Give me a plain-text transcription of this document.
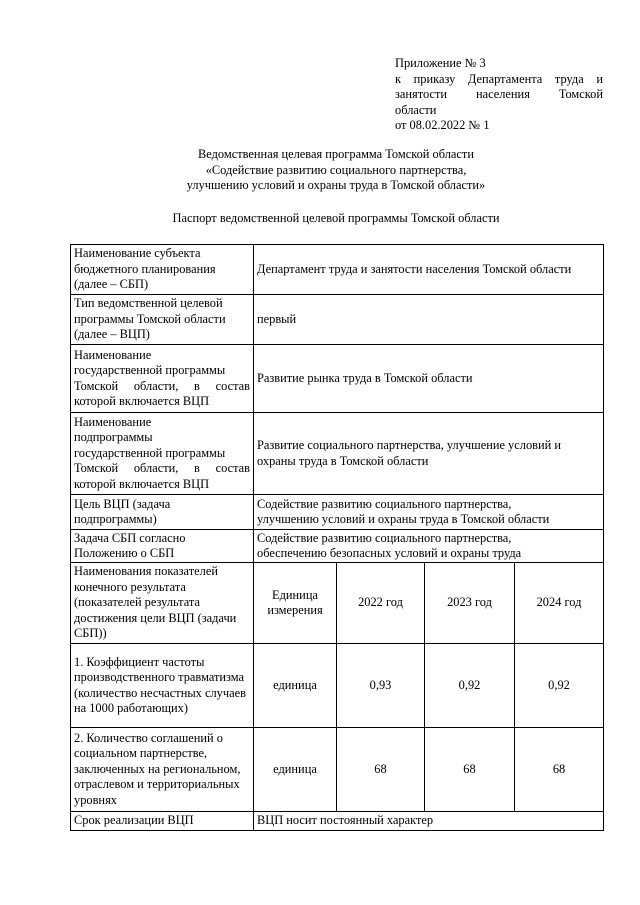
Приложение № 3
к приказу Департамента труда и
занятости населения Томской
области
от 08.02.2022 № 1
Ведомственная целевая программа Томской области
«Содействие развитию социального партнерства,
улучшению условий и охраны труда в Томской области»
Паспорт ведомственной целевой программы Томской области
Наименование субъекта бюджетного планирования (далее – СБП)	Департамент труда и занятости населения Томской области			
Тип ведомственной целевой программы Томской области (далее – ВЦП)	первый			
Наименование
государственной программы

Томской области, в состав
которой включается ВЦП	Развитие рынка труда в Томской области			
Наименование
подпрограммы
государственной программы

Томской области, в состав
которой включается ВЦП	Развитие социального партнерства, улучшение условий и охраны труда в Томской области			
Цель ВЦП (задача подпрограммы)	Содействие развитию социального партнерства,
улучшению условий и охраны труда в Томской области			
Задача СБП согласно Положению о СБП	Содействие развитию социального партнерства,
обеспечению безопасных условий и охраны труда			
Наименования показателей конечного результата (показателей результата достижения цели ВЦП (задачи СБП))	Единица измерения	2022 год	2023 год	2024 год
1. Коэффициент частоты производственного травматизма (количество несчастных случаев на 1000 работающих)	единица	0,93	0,92	0,92
2. Количество соглашений о социальном партнерстве, заключенных на региональном, отраслевом и территориальных уровнях	единица	68	68	68
Срок реализации ВЦП	ВЦП носит постоянный характер			
